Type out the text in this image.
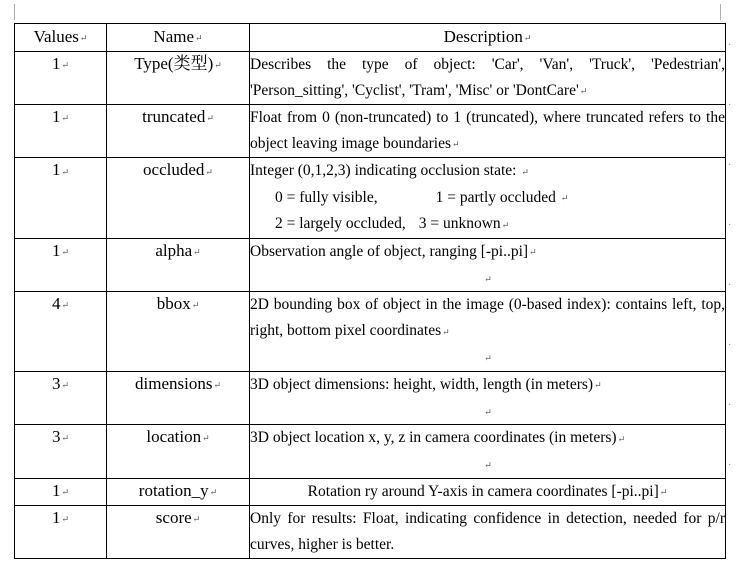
·
·
·
·
·
·
·
·
Values↵	Name↵	Description↵
1↵	Type(类型)↵	Describes the type of object: 'Car', 'Van', 'Truck', 'Pedestrian', 'Person_sitting', 'Cyclist', 'Tram', 'Misc' or 'DontCare'↵
1↵	truncated↵	Float from 0 (non-truncated) to 1 (truncated), where truncated refers to the object leaving image boundaries↵
1↵	occluded↵	Integer (0,1,2,3) indicating occlusion state: ↵
0 = fully visible, 1 = partly occluded ↵
2 = largely occluded, 3 = unknown↵

1↵	alpha↵	Observation angle of object, ranging [-pi..pi]↵
↵

4↵	bbox↵	2D bounding box of object in the image (0-based index): contains left, top, right, bottom pixel coordinates↵
↵

3↵	dimensions↵	3D object dimensions: height, width, length (in meters)↵
↵

3↵	location↵	3D object location x, y, z in camera coordinates (in meters)↵
↵

1↵	rotation_y↵	Rotation ry around Y-axis in camera coordinates [-pi..pi]↵
1↵	score↵	Only for results: Float, indicating confidence in detection, needed for p/r curves, higher is better.
